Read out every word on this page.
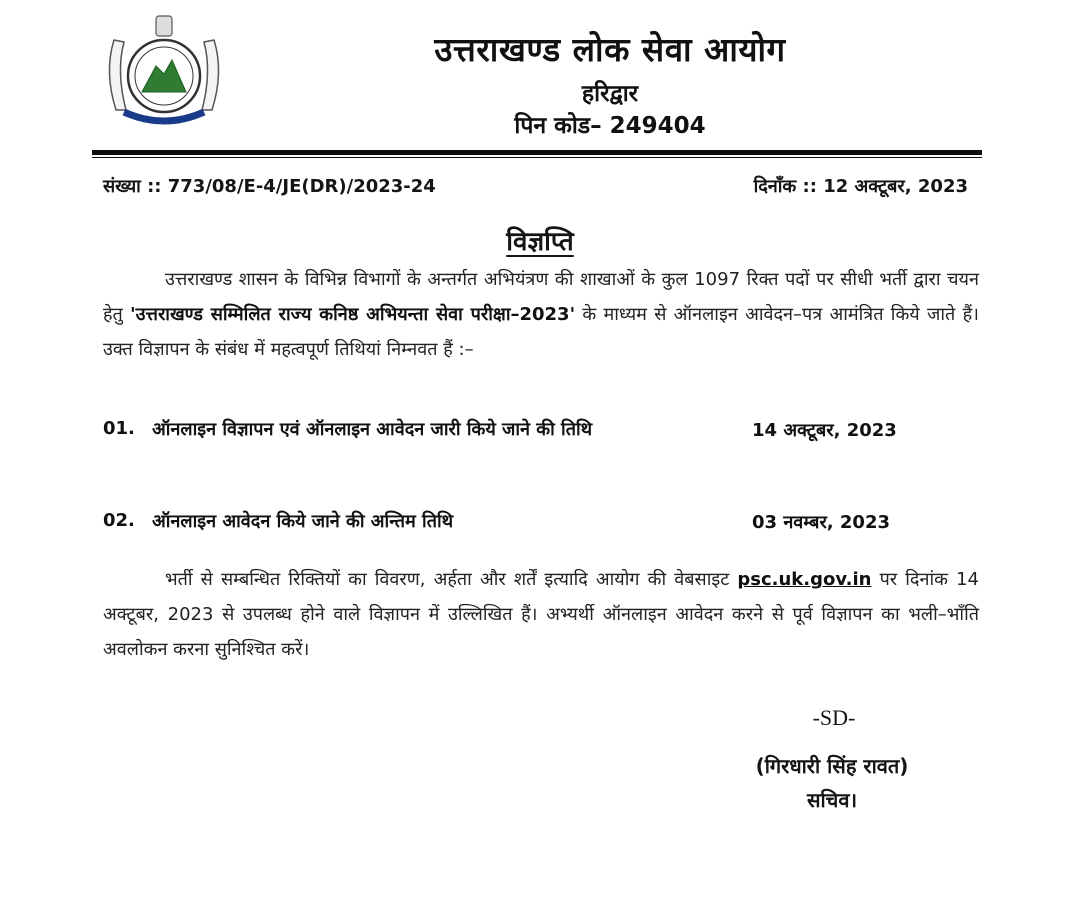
उत्तराखण्ड लोक सेवा आयोग
हरिद्वार
पिन कोड– 249404
संख्या :: 773/08/E-4/JE(DR)/2023-24	दिनाँक :: 12 अक्टूबर, 2023
विज्ञप्ति
उत्तराखण्ड शासन के विभिन्न विभागों के अन्तर्गत अभियंत्रण की शाखाओं के कुल 1097 रिक्त पदों पर सीधी भर्ती द्वारा चयन हेतु 'उत्तराखण्ड सम्मिलित राज्य कनिष्ठ अभियन्ता सेवा परीक्षा–2023' के माध्यम से ऑनलाइन आवेदन–पत्र आमंत्रित किये जाते हैं। उक्त विज्ञापन के संबंध में महत्वपूर्ण तिथियां निम्नवत हैं :–
01. ऑनलाइन विज्ञापन एवं ऑनलाइन आवेदन जारी किये जाने की तिथि	14 अक्टूबर, 2023
02. ऑनलाइन आवेदन किये जाने की अन्तिम तिथि	03 नवम्बर, 2023
भर्ती से सम्बन्धित रिक्तियों का विवरण, अर्हता और शर्तें इत्यादि आयोग की वेबसाइट psc.uk.gov.in पर दिनांक 14 अक्टूबर, 2023 से उपलब्ध होने वाले विज्ञापन में उल्लिखित हैं। अभ्यर्थी ऑनलाइन आवेदन करने से पूर्व विज्ञापन का भली–भाँति अवलोकन करना सुनिश्चित करें।
-SD-
(गिरधारी सिंह रावत)
सचिव।
